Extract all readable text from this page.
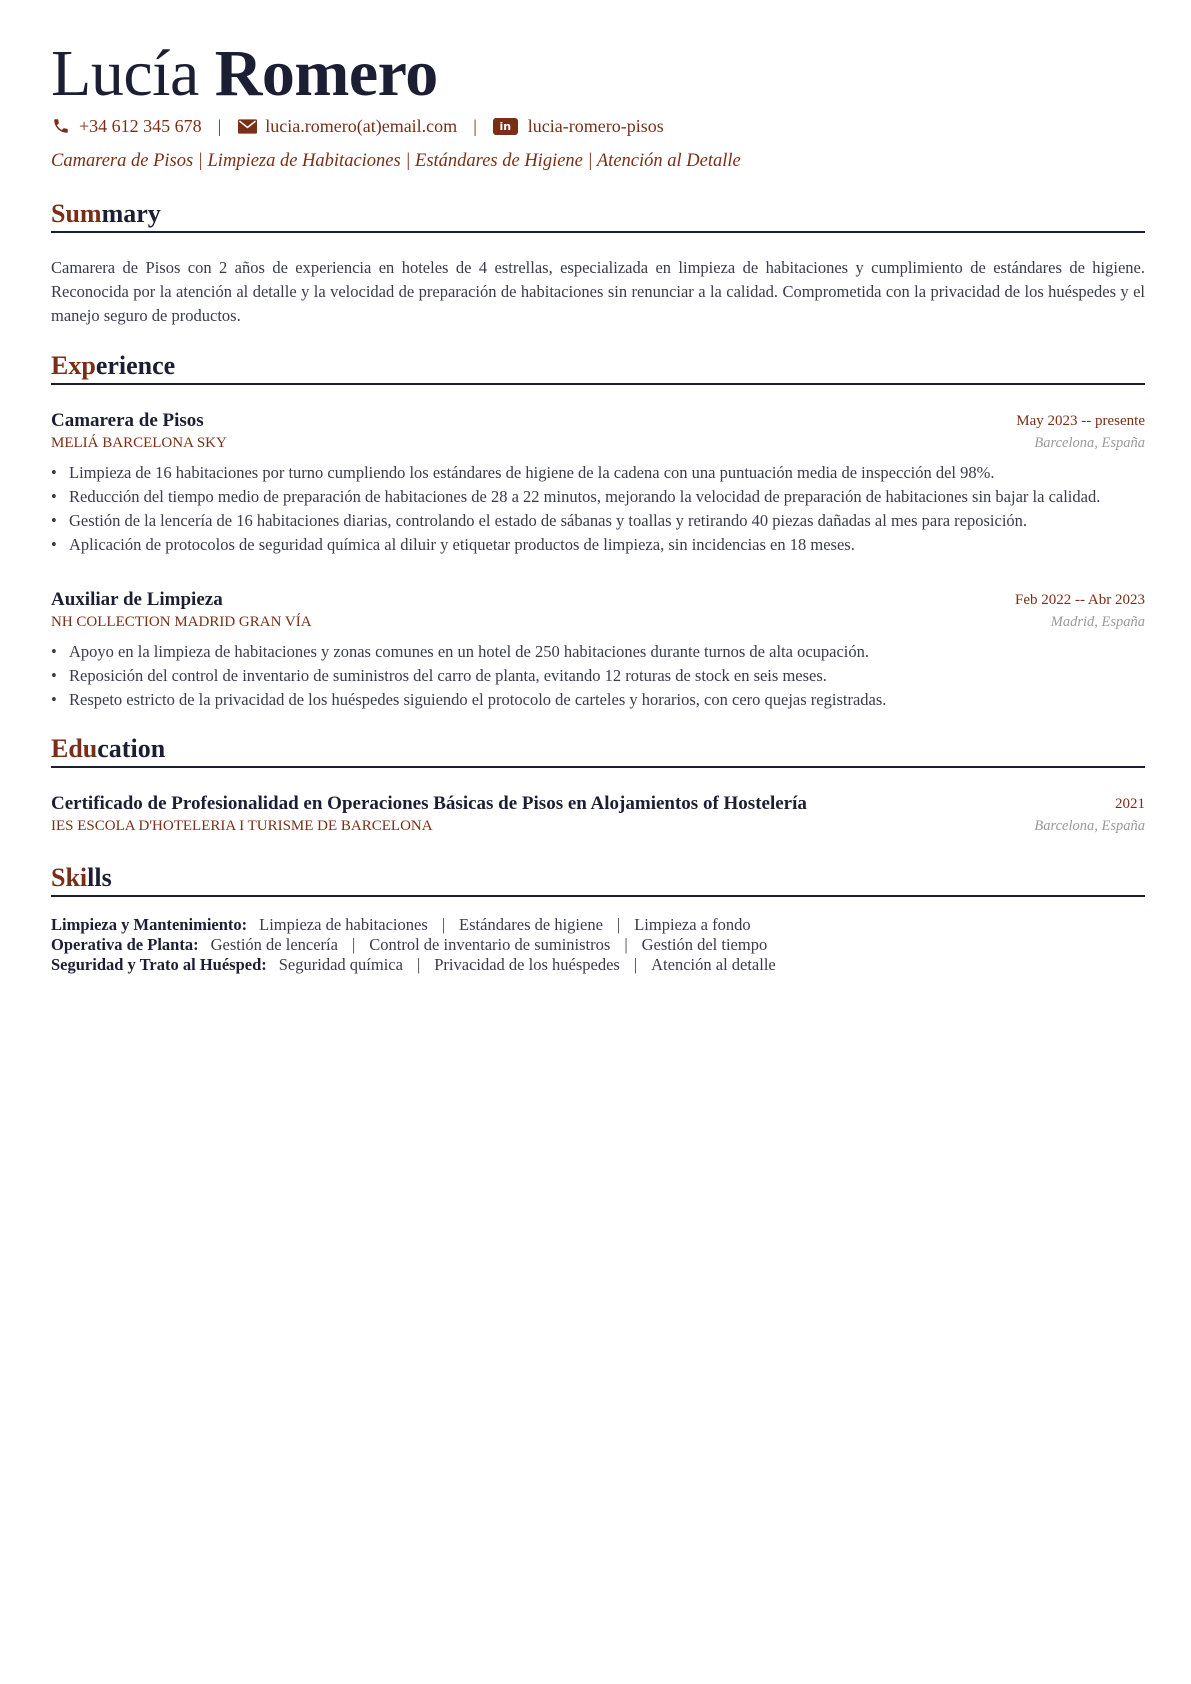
Lucía Romero
+34 612 345 678 | lucia.romero(at)email.com |	in lucia-romero-pisos
Camarera de Pisos | Limpieza de Habitaciones | Estándares de Higiene | Atención al Detalle
Summary
Camarera de Pisos con 2 años de experiencia en hoteles de 4 estrellas, especializada en limpieza de habitaciones y cumplimiento de estándares de higiene. Reconocida por la atención al detalle y la velocidad de preparación de habitaciones sin renunciar a la calidad. Comprometida con la privacidad de los huéspedes y el manejo seguro de productos.
Experience
Camarera de Pisos	May 2023 -- presente
MELIÁ BARCELONA SKY	Barcelona, España
• Limpieza de 16 habitaciones por turno cumpliendo los estándares de higiene de la cadena con una puntuación media de inspección del 98%.
• Reducción del tiempo medio de preparación de habitaciones de 28 a 22 minutos, mejorando la velocidad de preparación de habitaciones sin bajar la calidad.
• Gestión de la lencería de 16 habitaciones diarias, controlando el estado de sábanas y toallas y retirando 40 piezas dañadas al mes para reposición.
• Aplicación de protocolos de seguridad química al diluir y etiquetar productos de limpieza, sin incidencias en 18 meses.
Auxiliar de Limpieza	Feb 2022 -- Abr 2023
NH COLLECTION MADRID GRAN VÍA	Madrid, España
• Apoyo en la limpieza de habitaciones y zonas comunes en un hotel de 250 habitaciones durante turnos de alta ocupación.
• Reposición del control de inventario de suministros del carro de planta, evitando 12 roturas de stock en seis meses.
• Respeto estricto de la privacidad de los huéspedes siguiendo el protocolo de carteles y horarios, con cero quejas registradas.
Education
Certificado de Profesionalidad en Operaciones Básicas de Pisos en Alojamientos of Hostelería	2021
IES ESCOLA D'HOTELERIA I TURISME DE BARCELONA	Barcelona, España
Skills
Limpieza y Mantenimiento: Limpieza de habitaciones | Estándares de higiene | Limpieza a fondo
Operativa de Planta: Gestión de lencería | Control de inventario de suministros | Gestión del tiempo
Seguridad y Trato al Huésped: Seguridad química | Privacidad de los huéspedes | Atención al detalle
